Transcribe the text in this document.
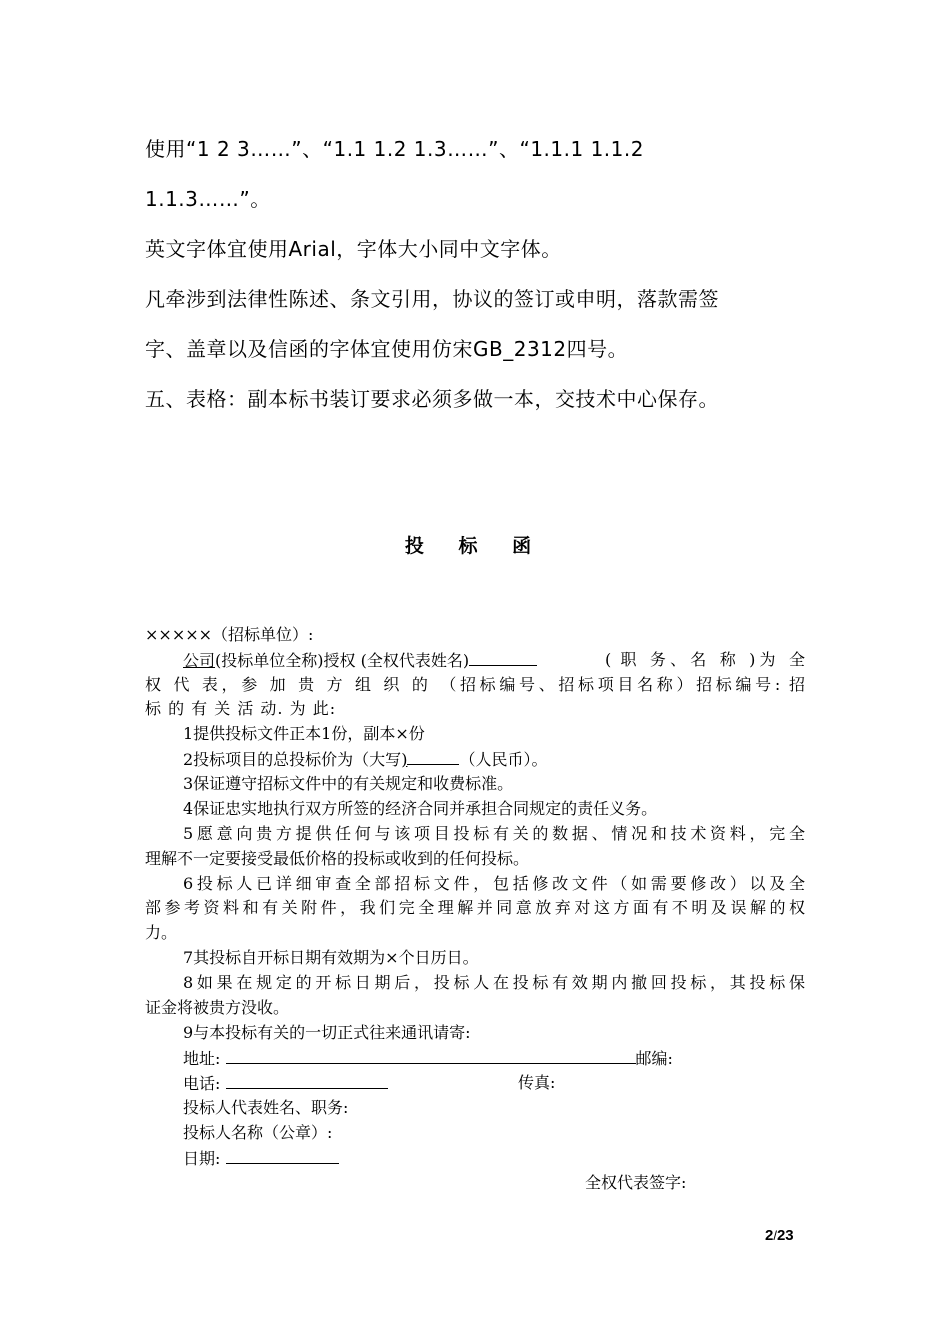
使用“1 2 3……”、“1.1 1.2 1.3……”、“1.1.1 1.1.2
1.1.3……”。
英文字体宜使用Arial，字体大小同中文字体。
凡牵涉到法律性陈述、条文引用，协议的签订或申明，落款需签
字、盖章以及信函的字体宜使用仿宋GB_2312四号。
五、表格：副本标书装订要求必须多做一本，交技术中心保存。
投 标 函
×××××（招标单位）:
公司(投标单位全称)授权 (全权代表姓名)	( 职 务、名 称 )为 全
权 代 表，参 加 贵 方 组 织 的 （招标编号、招标项目名称）招标编号: 招
标 的 有 关 活 动. 为 此:
1提供投标文件正本1份，副本×份
2投标项目的总投标价为（大写)	（人民币）。
3保证遵守招标文件中的有关规定和收费标准。
4保证忠实地执行双方所签的经济合同并承担合同规定的责任义务。
5愿意向贵方提供任何与该项目投标有关的数据、情况和技术资料，完全
理解不一定要接受最低价格的投标或收到的任何投标。
6投标人已详细审查全部招标文件，包括修改文件（如需要修改）以及全
部参考资料和有关附件，我们完全理解并同意放弃对这方面有不明及误解的权
力。
7其投标自开标日期有效期为×个日历日。
8如果在规定的开标日期后，投标人在投标有效期内撤回投标，其投标保
证金将被贵方没收。
9与本投标有关的一切正式往来通讯请寄:
地址:	邮编:
电话:	传真:
投标人代表姓名、职务:
投标人名称（公章）:
日期:
全权代表签字:
2/23
